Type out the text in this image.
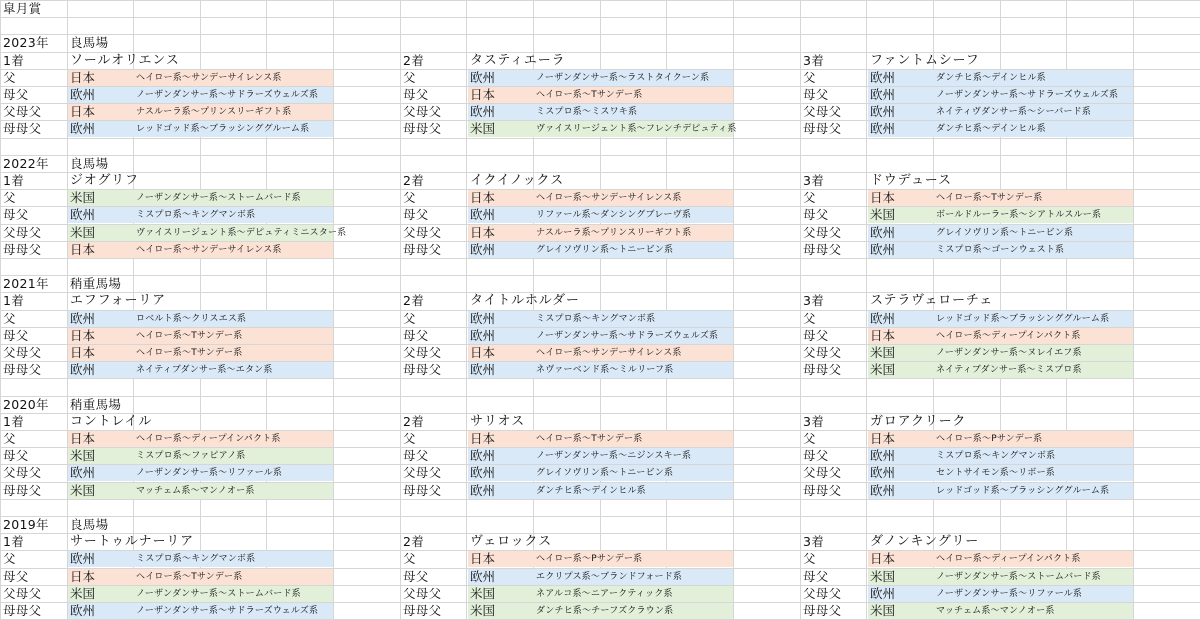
皐月賞
2023年	良馬場
1着	ソールオリエンス	2着	タスティエーラ	3着	ファントムシーフ
父	日本	ヘイロー系〜サンデーサイレンス系	父	欧州	ノーザンダンサー系〜ラストタイクーン系	父	欧州	ダンチヒ系〜デインヒル系
母父	欧州	ノーザンダンサー系〜サドラーズウェルズ系	母父	日本	ヘイロー系〜Tサンデー系	母父	欧州	ノーザンダンサー系〜サドラーズウェルズ系
父母父	日本	ナスルーラ系〜プリンスリーギフト系	父母父	欧州	ミスプロ系〜ミスワキ系	父母父	欧州	ネイティヴダンサー系〜シーバード系
母母父	欧州	レッドゴッド系〜ブラッシンググルーム系	母母父	米国	ヴァイスリージェント系〜フレンチデピュティ系	母母父	欧州	ダンチヒ系〜デインヒル系
2022年	良馬場
1着	ジオグリフ	2着	イクイノックス	3着	ドウデュース
父	米国	ノーザンダンサー系〜ストームバード系	父	日本	ヘイロー系〜サンデーサイレンス系	父	日本	ヘイロー系〜Tサンデー系
母父	欧州	ミスプロ系〜キングマンボ系	母父	欧州	リファール系〜ダンシングブレーヴ系	母父	米国	ボールドルーラー系〜シアトルスルー系
父母父	米国	ヴァイスリージェント系〜デピュティミニスター系	父母父	日本	ナスルーラ系〜プリンスリーギフト系	父母父	欧州	グレイソヴリン系〜トニービン系
母母父	日本	ヘイロー系〜サンデーサイレンス系	母母父	欧州	グレイソヴリン系〜トニービン系	母母父	欧州	ミスプロ系〜ゴーンウェスト系
2021年	稍重馬場
1着	エフフォーリア	2着	タイトルホルダー	3着	ステラヴェローチェ
父	欧州	ロベルト系〜クリスエス系	父	欧州	ミスプロ系〜キングマンボ系	父	欧州	レッドゴッド系〜ブラッシンググルーム系
母父	日本	ヘイロー系〜Tサンデー系	母父	欧州	ノーザンダンサー系〜サドラーズウェルズ系	母父	日本	ヘイロー系〜ディープインパクト系
父母父	日本	ヘイロー系〜Tサンデー系	父母父	日本	ヘイロー系〜サンデーサイレンス系	父母父	米国	ノーザンダンサー系〜ヌレイエフ系
母母父	欧州	ネイティブダンサー系〜エタン系	母母父	欧州	ネヴァーベンド系〜ミルリーフ系	母母父	米国	ネイティブダンサー系〜ミスプロ系
2020年	稍重馬場
1着	コントレイル	2着	サリオス	3着	ガロアクリーク
父	日本	ヘイロー系〜ディープインパクト系	父	日本	ヘイロー系〜Tサンデー系	父	日本	ヘイロー系〜Pサンデー系
母父	米国	ミスプロ系〜ファピアノ系	母父	欧州	ノーザンダンサー系〜ニジンスキー系	母父	欧州	ミスプロ系〜キングマンボ系
父母父	欧州	ノーザンダンサー系〜リファール系	父母父	欧州	グレイソヴリン系〜トニービン系	父母父	欧州	セントサイモン系〜リボー系
母母父	米国	マッチェム系〜マンノオー系	母母父	欧州	ダンチヒ系〜デインヒル系	母母父	欧州	レッドゴッド系〜ブラッシンググルーム系
2019年	良馬場
1着	サートゥルナーリア	2着	ヴェロックス	3着	ダノンキングリー
父	欧州	ミスプロ系〜キングマンボ系	父	日本	ヘイロー系〜Pサンデー系	父	日本	ヘイロー系〜ディープインパクト系
母父	日本	ヘイロー系〜Tサンデー系	母父	欧州	エクリプス系〜ブランドフォード系	母父	米国	ノーザンダンサー系〜ストームバード系
父母父	米国	ノーザンダンサー系〜ストームバード系	父母父	米国	ネアルコ系〜ニアークティック系	父母父	欧州	ノーザンダンサー系〜リファール系
母母父	欧州	ノーザンダンサー系〜サドラーズウェルズ系	母母父	米国	ダンチヒ系〜チーフズクラウン系	母母父	米国	マッチェム系〜マンノオー系
